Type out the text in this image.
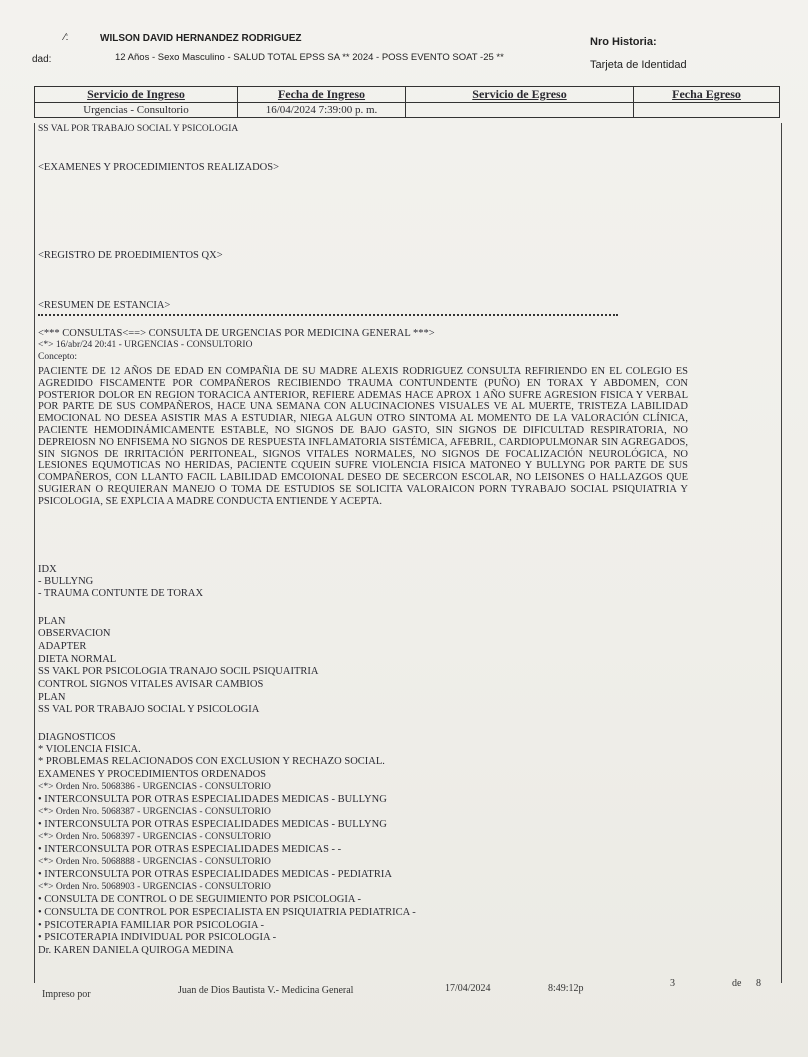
⁄:	WILSON DAVID HERNANDEZ RODRIGUEZ
dad:	12 Años - Sexo Masculino - SALUD TOTAL EPSS SA ** 2024 - POSS EVENTO SOAT -25 **
Nro Historia:
Tarjeta de Identidad
Servicio de Ingreso	Fecha de Ingreso	Servicio de Egreso	Fecha Egreso
Urgencias - Consultorio	16/04/2024 7:39:00 p. m.		
SS VAL POR TRABAJO SOCIAL Y PSICOLOGIA
<EXAMENES Y PROCEDIMIENTOS REALIZADOS>
<REGISTRO DE PROEDIMIENTOS QX>
<RESUMEN DE ESTANCIA>
<*** CONSULTAS<==> CONSULTA DE URGENCIAS POR MEDICINA GENERAL ***>
<*> 16/abr/24 20:41 - URGENCIAS - CONSULTORIO
Concepto:
PACIENTE DE 12 AÑOS DE EDAD EN COMPAÑIA DE SU MADRE ALEXIS RODRIGUEZ CONSULTA REFIRIENDO EN EL COLEGIO ES AGREDIDO FISCAMENTE POR COMPAÑEROS RECIBIENDO TRAUMA CONTUNDENTE (PUÑO) EN TORAX Y ABDOMEN, CON POSTERIOR DOLOR EN REGION TORACICA ANTERIOR, REFIERE ADEMAS HACE APROX 1 AÑO SUFRE AGRESION FISICA Y VERBAL POR PARTE DE SUS COMPAÑEROS, HACE UNA SEMANA CON ALUCINACIONES VISUALES VE AL MUERTE, TRISTEZA LABILIDAD EMOCIONAL NO DESEA ASISTIR MAS A ESTUDIAR, NIEGA ALGUN OTRO SINTOMA AL MOMENTO DE LA VALORACIÓN CLÍNICA, PACIENTE HEMODINÁMICAMENTE ESTABLE, NO SIGNOS DE BAJO GASTO, SIN SIGNOS DE DIFICULTAD RESPIRATORIA, NO DEPREIOSN NO ENFISEMA NO SIGNOS DE RESPUESTA INFLAMATORIA SISTÉMICA, AFEBRIL, CARDIOPULMONAR SIN AGREGADOS, SIN SIGNOS DE IRRITACIÓN PERITONEAL, SIGNOS VITALES NORMALES, NO SIGNOS DE FOCALIZACIÓN NEUROLÓGICA, NO LESIONES EQUMOTICAS NO HERIDAS, PACIENTE CQUEIN SUFRE VIOLENCIA FISICA MATONEO Y BULLYNG POR PARTE DE SUS COMPAÑEROS, CON LLANTO FACIL LABILIDAD EMCOIONAL DESEO DE SECERCON ESCOLAR, NO LEISONES O HALLAZGOS QUE SUGIERAN O REQUIERAN MANEJO O TOMA DE ESTUDIOS SE SOLICITA VALORAICON PORN TYRABAJO SOCIAL PSIQUIATRIA Y PSICOLOGIA, SE EXPLCIA A MADRE CONDUCTA ENTIENDE Y ACEPTA.
IDX
- BULLYNG
- TRAUMA CONTUNTE DE TORAX
PLAN
OBSERVACION
ADAPTER
DIETA NORMAL
SS VAKL POR PSICOLOGIA TRANAJO SOCIL PSIQUAITRIA
CONTROL SIGNOS VITALES AVISAR CAMBIOS
PLAN
SS VAL POR TRABAJO SOCIAL Y PSICOLOGIA
DIAGNOSTICOS
* VIOLENCIA FISICA.
* PROBLEMAS RELACIONADOS CON EXCLUSION Y RECHAZO SOCIAL.
EXAMENES Y PROCEDIMIENTOS ORDENADOS
<*> Orden Nro. 5068386 - URGENCIAS - CONSULTORIO
• INTERCONSULTA POR OTRAS ESPECIALIDADES MEDICAS - BULLYNG
<*> Orden Nro. 5068387 - URGENCIAS - CONSULTORIO
• INTERCONSULTA POR OTRAS ESPECIALIDADES MEDICAS - BULLYNG
<*> Orden Nro. 5068397 - URGENCIAS - CONSULTORIO
• INTERCONSULTA POR OTRAS ESPECIALIDADES MEDICAS - -
<*> Orden Nro. 5068888 - URGENCIAS - CONSULTORIO
• INTERCONSULTA POR OTRAS ESPECIALIDADES MEDICAS - PEDIATRIA
<*> Orden Nro. 5068903 - URGENCIAS - CONSULTORIO
• CONSULTA DE CONTROL O DE SEGUIMIENTO POR PSICOLOGIA -
• CONSULTA DE CONTROL POR ESPECIALISTA EN PSIQUIATRIA PEDIATRICA -
• PSICOTERAPIA FAMILIAR POR PSICOLOGIA -
• PSICOTERAPIA INDIVIDUAL POR PSICOLOGIA -
Dr. KAREN DANIELA QUIROGA MEDINA
Impreso por	Juan de Dios Bautista V.- Medicina General	17/04/2024	8:49:12p	3	de 8
